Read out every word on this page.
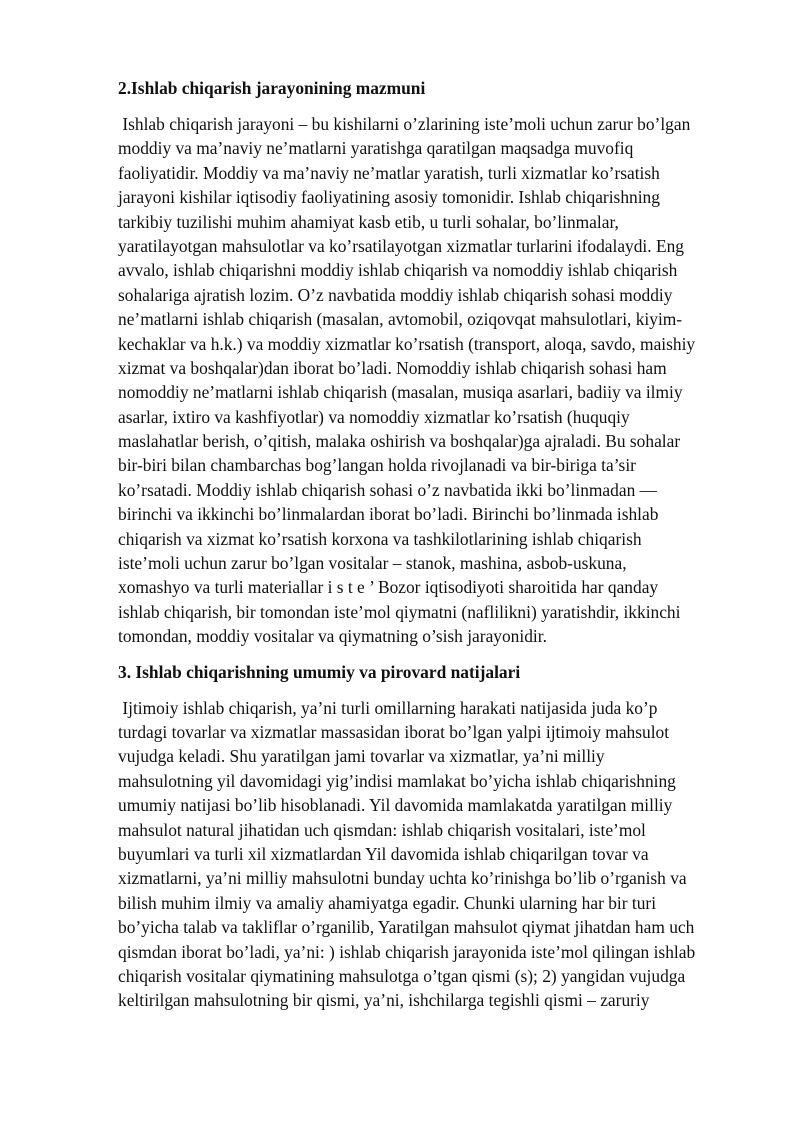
2.Ishlab chiqarish jarayonining mazmuni

Ishlab chiqarish jarayoni – bu kishilarni o’zlarining iste’moli uchun zarur bo’lgan
moddiy va ma’naviy ne’matlarni yaratishga qaratilgan maqsadga muvofiq
faoliyatidir. Moddiy va ma’naviy ne’matlar yaratish, turli xizmatlar ko’rsatish
jarayoni kishilar iqtisodiy faoliyatining asosiy tomonidir. Ishlab chiqarishning
tarkibiy tuzilishi muhim ahamiyat kasb etib, u turli sohalar, bo’linmalar,
yaratilayotgan mahsulotlar va ko’rsatilayotgan xizmatlar turlarini ifodalaydi. Eng
avvalo, ishlab chiqarishni moddiy ishlab chiqarish va nomoddiy ishlab chiqarish
sohalariga ajratish lozim. O’z navbatida moddiy ishlab chiqarish sohasi moddiy
ne’matlarni ishlab chiqarish (masalan, avtomobil, oziqovqat mahsulotlari, kiyim-
kechaklar va h.k.) va moddiy xizmatlar ko’rsatish (transport, aloqa, savdo, maishiy
xizmat va boshqalar)dan iborat bo’ladi. Nomoddiy ishlab chiqarish sohasi ham
nomoddiy ne’matlarni ishlab chiqarish (masalan, musiqa asarlari, badiiy va ilmiy
asarlar, ixtiro va kashfiyotlar) va nomoddiy xizmatlar ko’rsatish (huquqiy
maslahatlar berish, o’qitish, malaka oshirish va boshqalar)ga ajraladi. Bu sohalar
bir-biri bilan chambarchas bog’langan holda rivojlanadi va bir-biriga ta’sir
ko’rsatadi. Moddiy ishlab chiqarish sohasi o’z navbatida ikki bo’linmadan —
birinchi va ikkinchi bo’linmalardan iborat bo’ladi. Birinchi bo’linmada ishlab
chiqarish va xizmat ko’rsatish korxona va tashkilotlarining ishlab chiqarish
iste’moli uchun zarur bo’lgan vositalar – stanok, mashina, asbob-uskuna,
xomashyo va turli materiallar i s t e ’ Bozor iqtisodiyoti sharoitida har qanday
ishlab chiqarish, bir tomondan iste’mol qiymatni (naflilikni) yaratishdir, ikkinchi
tomondan, moddiy vositalar va qiymatning o’sish jarayonidir.

3. Ishlab chiqarishning umumiy va pirovard natijalari

Ijtimoiy ishlab chiqarish, ya’ni turli omillarning harakati natijasida juda ko’p
turdagi tovarlar va xizmatlar massasidan iborat bo’lgan yalpi ijtimoiy mahsulot
vujudga keladi. Shu yaratilgan jami tovarlar va xizmatlar, ya’ni milliy
mahsulotning yil davomidagi yig’indisi mamlakat bo’yicha ishlab chiqarishning
umumiy natijasi bo’lib hisoblanadi. Yil davomida mamlakatda yaratilgan milliy
mahsulot natural jihatidan uch qismdan: ishlab chiqarish vositalari, iste’mol
buyumlari va turli xil xizmatlardan Yil davomida ishlab chiqarilgan tovar va
xizmatlarni, ya’ni milliy mahsulotni bunday uchta ko’rinishga bo’lib o’rganish va
bilish muhim ilmiy va amaliy ahamiyatga egadir. Chunki ularning har bir turi
bo’yicha talab va takliflar o’rganilib, Yaratilgan mahsulot qiymat jihatdan ham uch
qismdan iborat bo’ladi, ya’ni: ) ishlab chiqarish jarayonida iste’mol qilingan ishlab
chiqarish vositalar qiymatining mahsulotga o’tgan qismi (s); 2) yangidan vujudga
keltirilgan mahsulotning bir qismi, ya’ni, ishchilarga tegishli qismi – zaruriy
